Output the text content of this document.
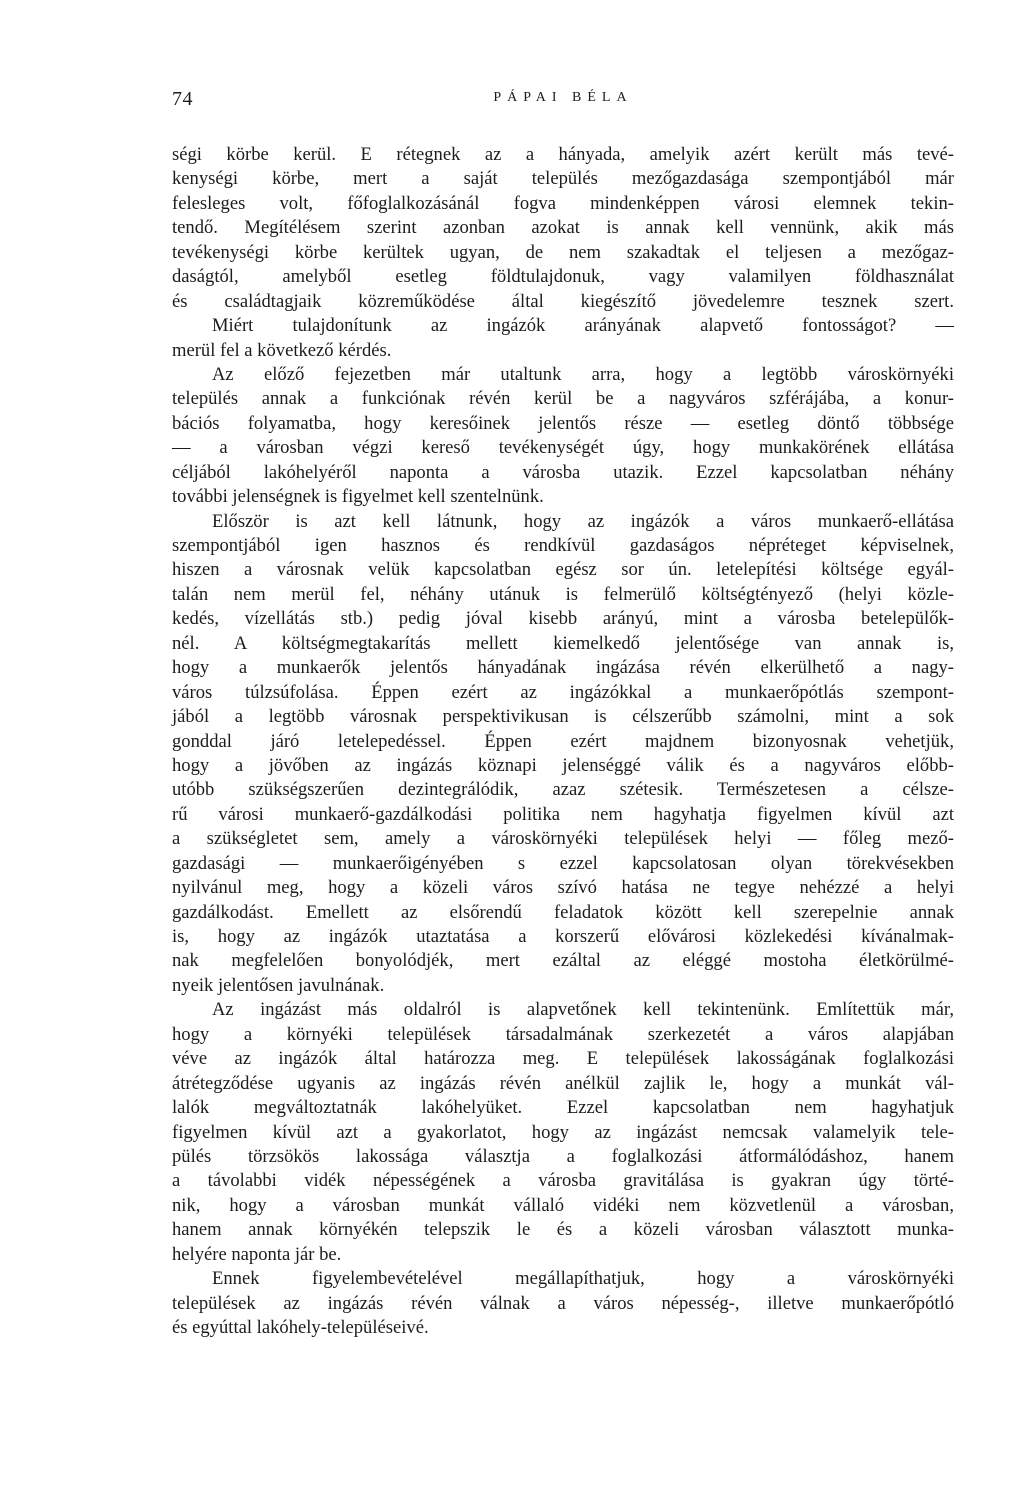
74	PÁPAI BÉLA
ségi körbe kerül. E rétegnek az a hányada, amelyik azért került más tevé-
kenységi körbe, mert a saját település mezőgazdasága szempontjából már
felesleges volt, főfoglalkozásánál fogva mindenképpen városi elemnek tekin-
tendő. Megítélésem szerint azonban azokat is annak kell vennünk, akik más
tevékenységi körbe kerültek ugyan, de nem szakadtak el teljesen a mezőgaz-
daságtól, amelyből esetleg földtulajdonuk, vagy valamilyen földhasználat
és családtagjaik közreműködése által kiegészítő jövedelemre tesznek szert.
Miért tulajdonítunk az ingázók arányának alapvető fontosságot? —
merül fel a következő kérdés.
Az előző fejezetben már utaltunk arra, hogy a legtöbb városkörnyéki
település annak a funkciónak révén kerül be a nagyváros szférájába, a konur-
bációs folyamatba, hogy keresőinek jelentős része — esetleg döntő többsége
— a városban végzi kereső tevékenységét úgy, hogy munkakörének ellátása
céljából lakóhelyéről naponta a városba utazik. Ezzel kapcsolatban néhány
további jelenségnek is figyelmet kell szentelnünk.
Először is azt kell látnunk, hogy az ingázók a város munkaerő-ellátása
szempontjából igen hasznos és rendkívül gazdaságos népréteget képviselnek,
hiszen a városnak velük kapcsolatban egész sor ún. letelepítési költsége egyál-
talán nem merül fel, néhány utánuk is felmerülő költségtényező (helyi közle-
kedés, vízellátás stb.) pedig jóval kisebb arányú, mint a városba betelepülők-
nél. A költségmegtakarítás mellett kiemelkedő jelentősége van annak is,
hogy a munkaerők jelentős hányadának ingázása révén elkerülhető a nagy-
város túlzsúfolása. Éppen ezért az ingázókkal a munkaerőpótlás szempont-
jából a legtöbb városnak perspektivikusan is célszerűbb számolni, mint a sok
gonddal járó letelepedéssel. Éppen ezért majdnem bizonyosnak vehetjük,
hogy a jövőben az ingázás köznapi jelenséggé válik és a nagyváros előbb-
utóbb szükségszerűen dezintegrálódik, azaz szétesik. Természetesen a célsze-
rű városi munkaerő-gazdálkodási politika nem hagyhatja figyelmen kívül azt
a szükségletet sem, amely a városkörnyéki települések helyi — főleg mező-
gazdasági — munkaerőigényében s ezzel kapcsolatosan olyan törekvésekben
nyilvánul meg, hogy a közeli város szívó hatása ne tegye nehézzé a helyi
gazdálkodást. Emellett az elsőrendű feladatok között kell szerepelnie annak
is, hogy az ingázók utaztatása a korszerű elővárosi közlekedési kívánalmak-
nak megfelelően bonyolódjék, mert ezáltal az eléggé mostoha életkörülmé-
nyeik jelentősen javulnának.
Az ingázást más oldalról is alapvetőnek kell tekintenünk. Említettük már,
hogy a környéki települések társadalmának szerkezetét a város alapjában
véve az ingázók által határozza meg. E települések lakosságának foglalkozási
átrétegződése ugyanis az ingázás révén anélkül zajlik le, hogy a munkát vál-
lalók megváltoztatnák lakóhelyüket. Ezzel kapcsolatban nem hagyhatjuk
figyelmen kívül azt a gyakorlatot, hogy az ingázást nemcsak valamelyik tele-
pülés törzsökös lakossága választja a foglalkozási átformálódáshoz, hanem
a távolabbi vidék népességének a városba gravitálása is gyakran úgy törté-
nik, hogy a városban munkát vállaló vidéki nem közvetlenül a városban,
hanem annak környékén telepszik le és a közeli városban választott munka-
helyére naponta jár be.
Ennek figyelembevételével megállapíthatjuk, hogy a városkörnyéki
települések az ingázás révén válnak a város népesség-, illetve munkaerőpótló
és egyúttal lakóhely-településeivé.
